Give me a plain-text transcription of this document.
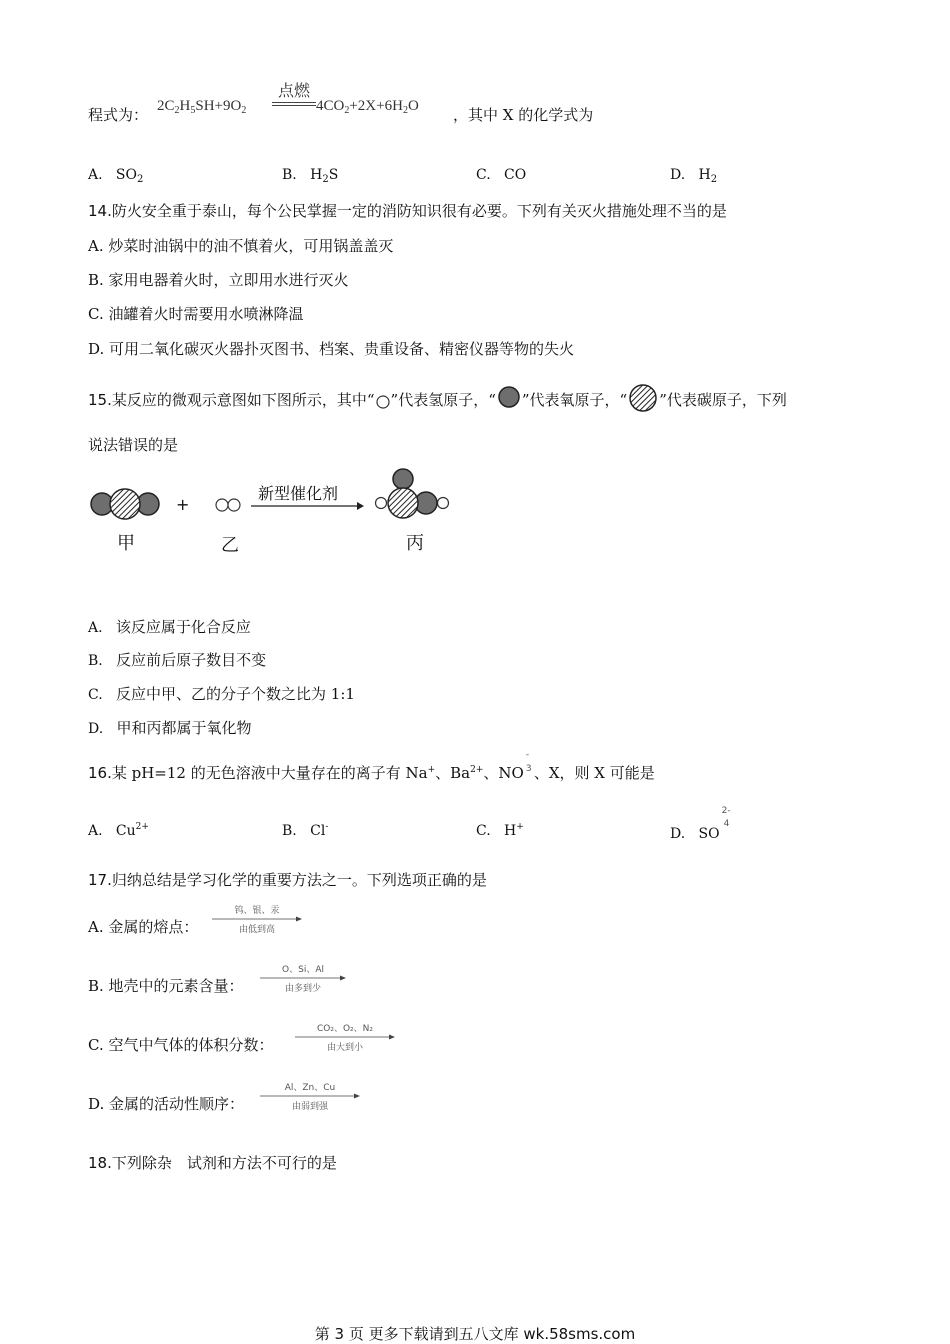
程式为： $2C_2H_5SH+9O_2$
点燃
$4CO_2+2X+6H_2O$ ，其中 X 的化学式为
A. $SO_2$	B. $H_2S$	C. CO	D. $H_2$
14.防火安全重于泰山，每个公民掌握一定的消防知识很有必要。下列有关灭火措施处理不当的是
A. 炒菜时油锅中的油不慎着火，可用锅盖盖灭
B. 家用电器着火时，立即用水进行灭火
C. 油罐着火时需要用水喷淋降温
D. 可用二氧化碳灭火器扑灭图书、档案、贵重设备、精密仪器等物的失火
15.某反应的微观示意图如下图所示，其中“ ”代表氢原子，“ ”代表氧原子，“ ”代表碳原子，下列
说法错误的是
+
新型催化剂
甲	乙	丙
A. 该反应属于化合反应
B. 反应前后原子数目不变
C. 反应中甲、乙的分子个数之比为 1:1
D. 甲和丙都属于氧化物
16.某 pH=12 的无色溶液中大量存在的离子有 Na+、$Ba^{2+}$、NO
-
3 、X，则 X 可能是
A. $Cu^{2+}$	B. Cl-	C. H+	D. SO
2-
4
17.归纳总结是学习化学的重要方法之一。下列选项正确的是
A. 金属的熔点：
钨、银、汞
由低到高
B. 地壳中的元素含量：
O、Si、Al
由多到少
C. 空气中气体的体积分数：
CO₂、O₂、N₂
由大到小
D. 金属的活动性顺序：
Al、Zn、Cu
由弱到强
18.下列除杂　试剂和方法不可行的是
第 3 页 更多下载请到五八文库 wk.58sms.com
